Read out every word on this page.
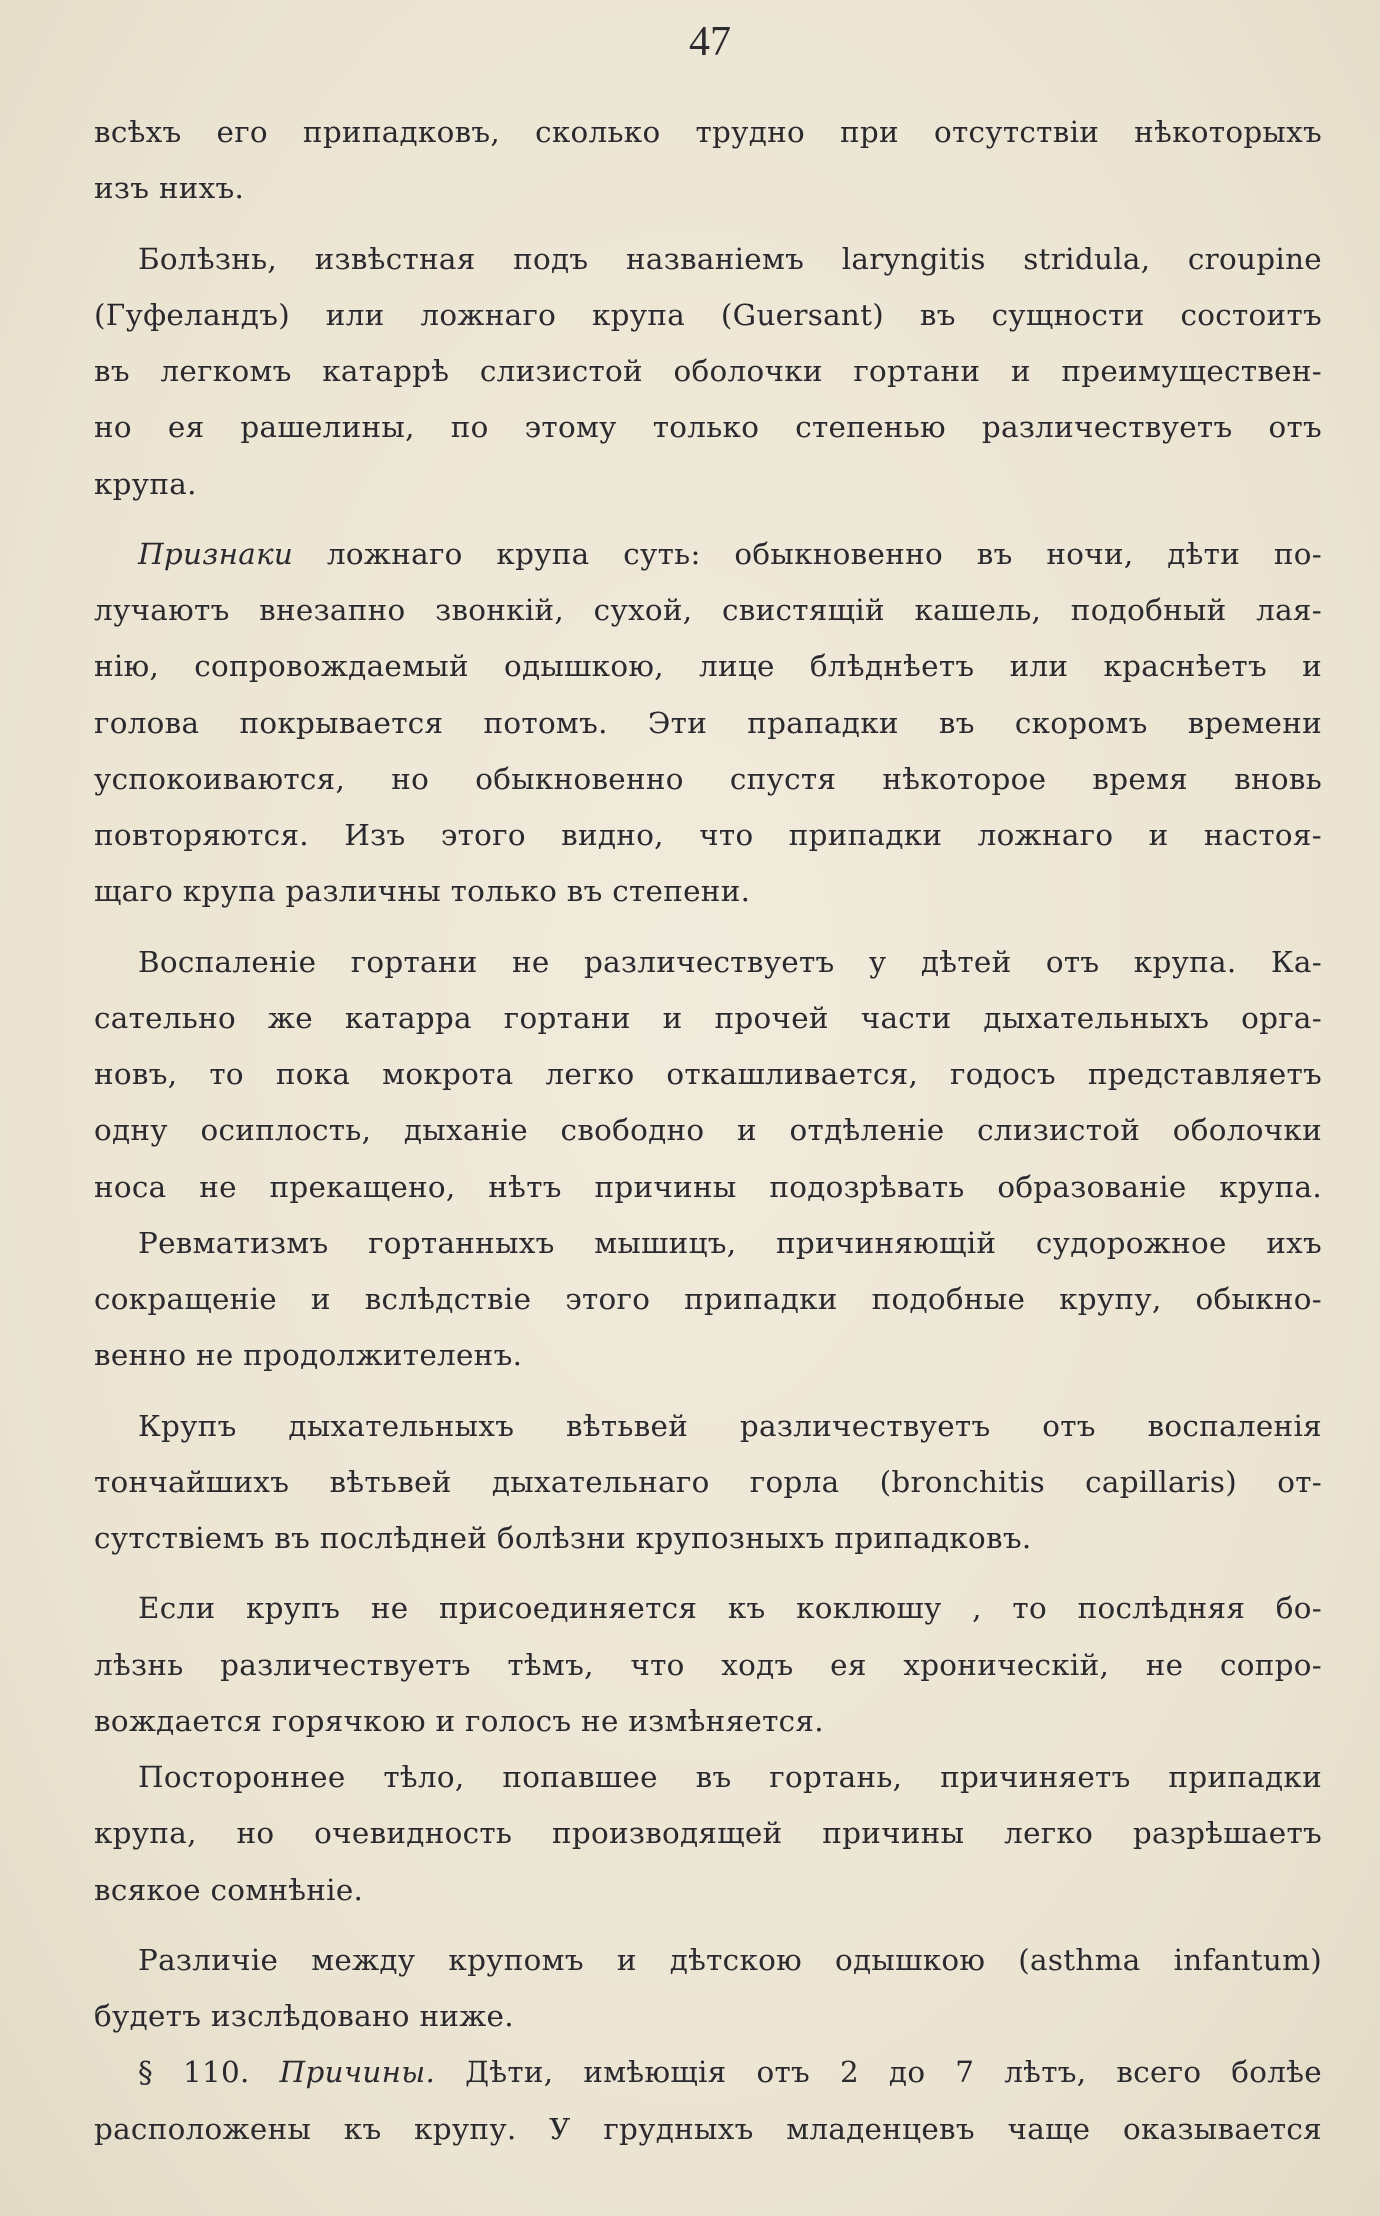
47
всѣхъ его припадковъ, сколько трудно при отсутствіи нѣкоторыхъ
изъ нихъ.
Болѣзнь, извѣстная подъ названіемъ laryngitis stridula, croupine
(Гуфеландъ) или ложнаго крупа (Guersant) въ сущности состоитъ
въ легкомъ катаррѣ слизистой оболочки гортани и преимуществен-
но ея рашелины, по этому только степенью различествуетъ отъ
крупа.
Признаки ложнаго крупа суть: обыкновенно въ ночи, дѣти по-
лучаютъ внезапно звонкій, сухой, свистящій кашель, подобный лая-
нію, сопровождаемый одышкою, лице блѣднѣетъ или краснѣетъ и
голова покрывается потомъ. Эти прападки въ скоромъ времени
успокоиваются, но обыкновенно спустя нѣкоторое время вновь
повторяются. Изъ этого видно, что припадки ложнаго и настоя-
щаго крупа различны только въ степени.
Воспаленіе гортани не различествуетъ у дѣтей отъ крупа. Ка-
сательно же катарра гортани и прочей части дыхательныхъ орга-
новъ, то пока мокрота легко откашливается, годосъ представляетъ
одну осиплость, дыханіе свободно и отдѣленіе слизистой оболочки
носа не прекащено, нѣтъ причины подозрѣвать образованіе крупа.
Ревматизмъ гортанныхъ мышицъ, причиняющій судорожное ихъ
сокращеніе и вслѣдствіе этого припадки подобные крупу, обыкно-
венно не продолжителенъ.
Крупъ дыхательныхъ вѣтьвей различествуетъ отъ воспаленія
тончайшихъ вѣтьвей дыхательнаго горла (bronchitis capillaris) от-
сутствіемъ въ послѣдней болѣзни крупозныхъ припадковъ.
Если крупъ не присоединяется къ коклюшу , то послѣдняя бо-
лѣзнь различествуетъ тѣмъ, что ходъ ея хроническій, не сопро-
вождается горячкою и голосъ не измѣняется.
Постороннее тѣло, попавшее въ гортань, причиняетъ припадки
крупа, но очевидность производящей причины легко разрѣшаетъ
всякое сомнѣніе.
Различіе между крупомъ и дѣтскою одышкою (asthma infantum)
будетъ изслѣдовано ниже.
§ 110. Причины. Дѣти, имѣющія отъ 2 до 7 лѣтъ, всего болѣе
расположены къ крупу. У грудныхъ младенцевъ чаще оказывается
